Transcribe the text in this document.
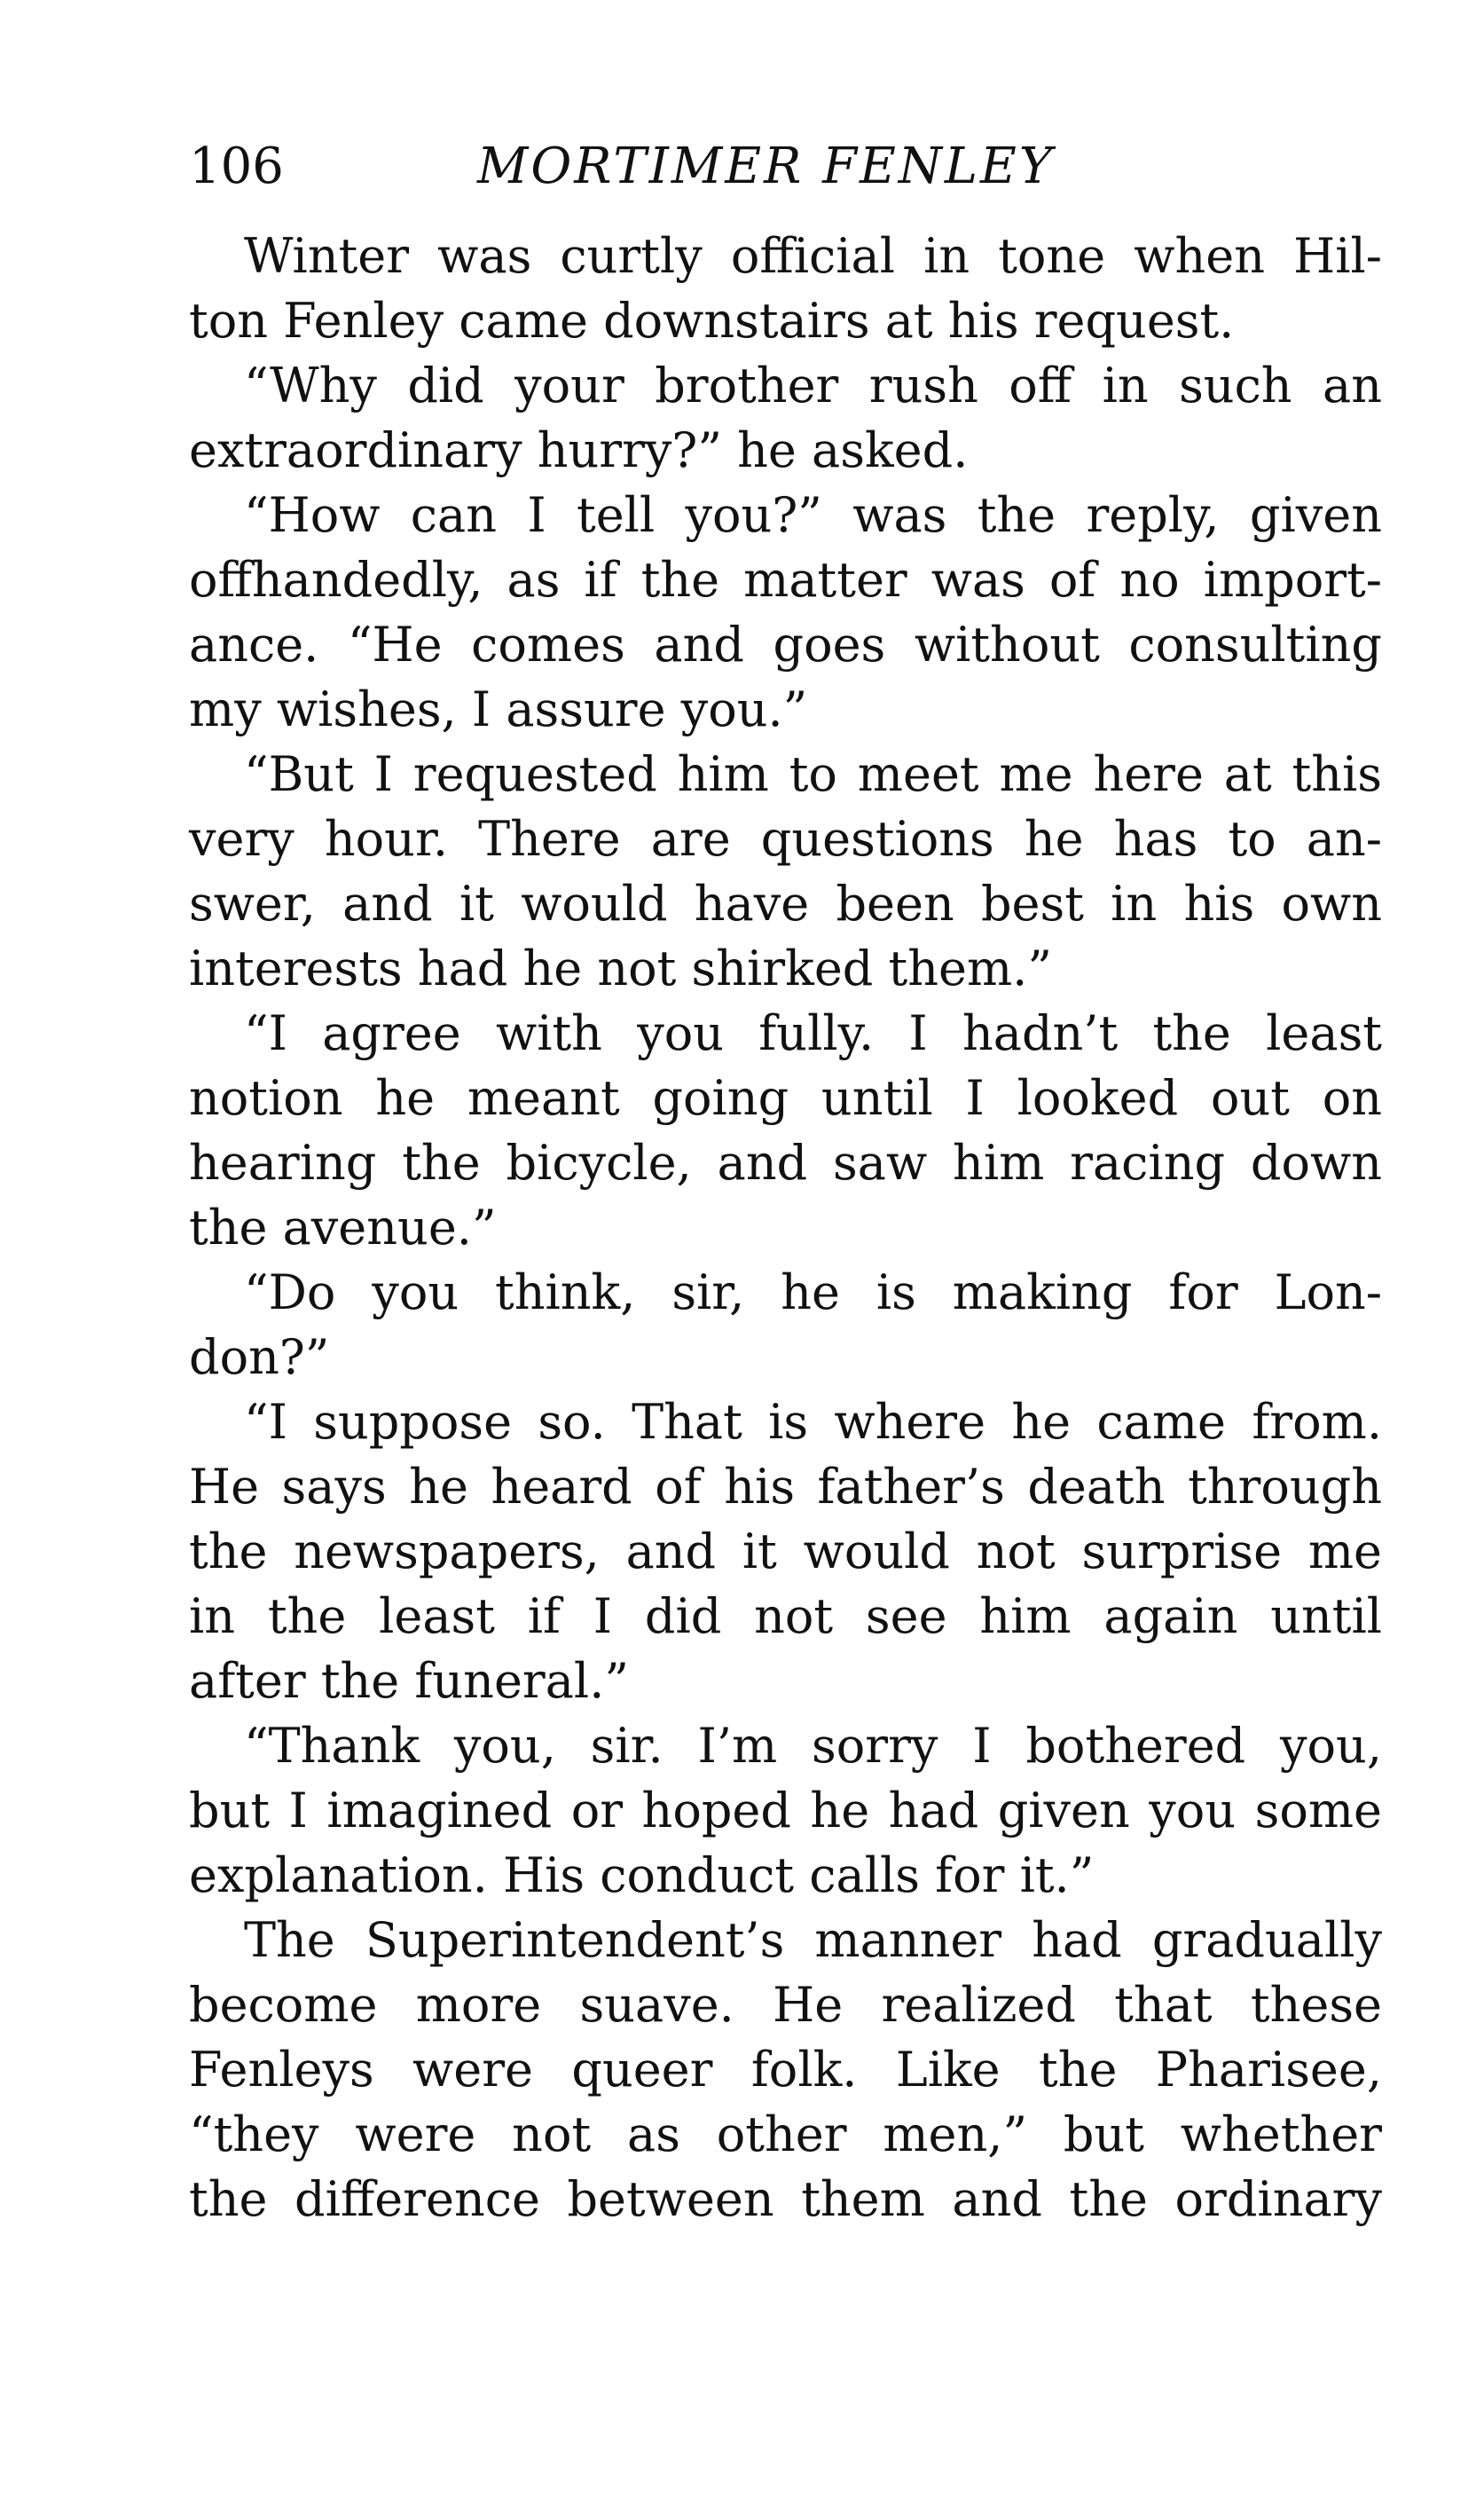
106	MORTIMER FENLEY
Winter was curtly official in tone when Hil-
ton Fenley came downstairs at his request.
“Why did your brother rush off in such an
extraordinary hurry?” he asked.
“How can I tell you?” was the reply, given
offhandedly, as if the matter was of no import-
ance. “He comes and goes without consulting
my wishes, I assure you.”
“But I requested him to meet me here at this
very hour. There are questions he has to an-
swer, and it would have been best in his own
interests had he not shirked them.”
“I agree with you fully. I hadn’t the least
notion he meant going until I looked out on
hearing the bicycle, and saw him racing down
the avenue.”
“Do you think, sir, he is making for Lon-
don?”
“I suppose so. That is where he came from.
He says he heard of his father’s death through
the newspapers, and it would not surprise me
in the least if I did not see him again until
after the funeral.”
“Thank you, sir. I’m sorry I bothered you,
but I imagined or hoped he had given you some
explanation. His conduct calls for it.”
The Superintendent’s manner had gradually
become more suave. He realized that these
Fenleys were queer folk. Like the Pharisee,
“they were not as other men,” but whether
the difference between them and the ordinary
